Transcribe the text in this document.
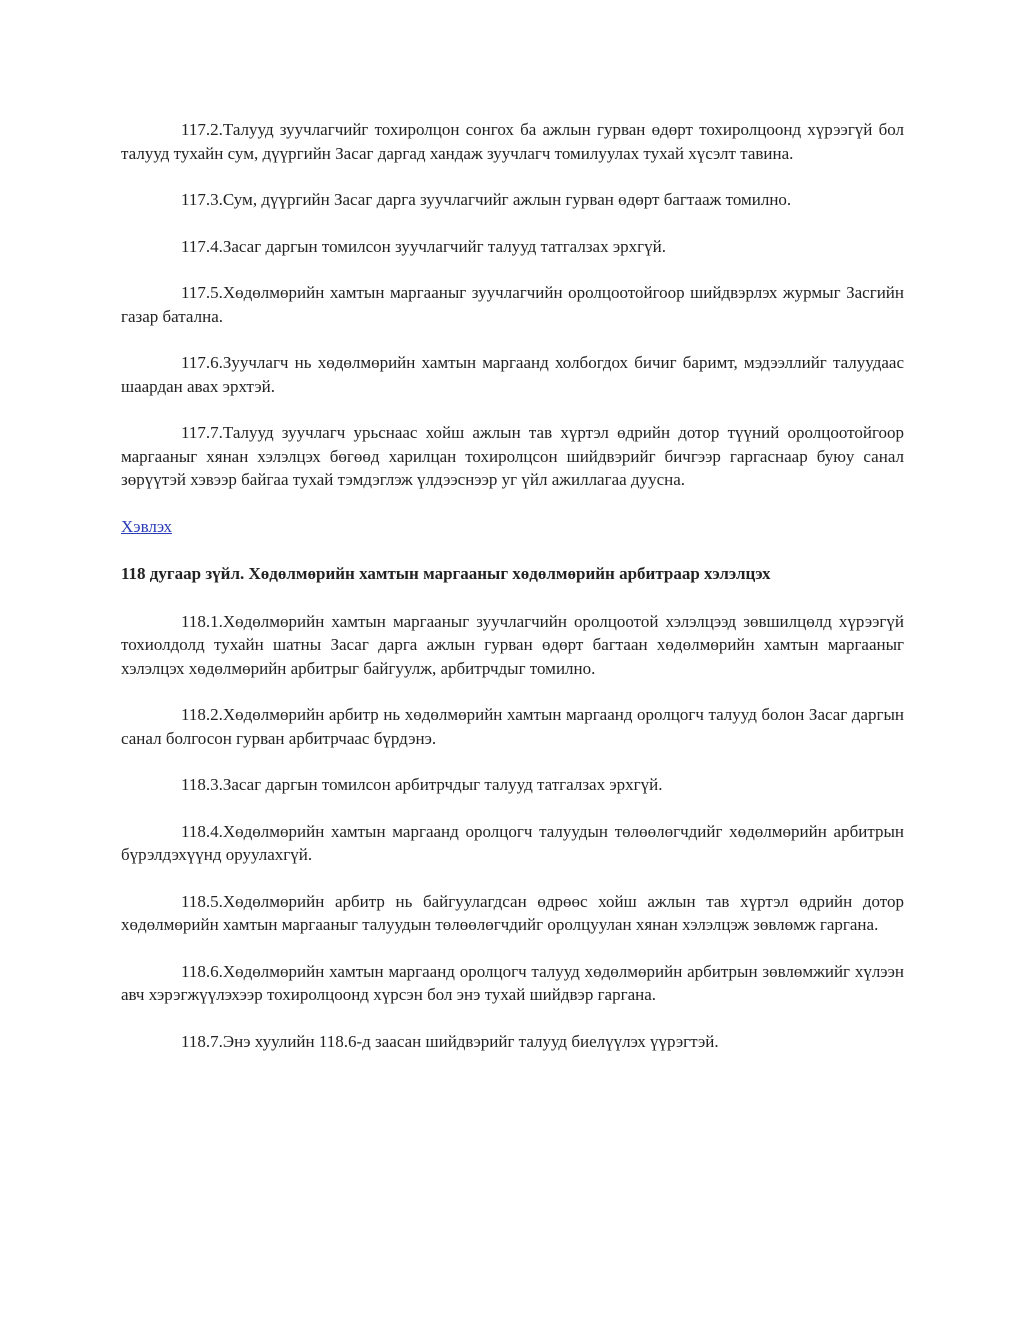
117.2.Талууд зуучлагчийг тохиролцон сонгох ба ажлын гурван өдөрт тохиролцоонд хүрээгүй бол талууд тухайн сум, дүүргийн Засаг даргад хандаж зуучлагч томилуулах тухай хүсэлт тавина.

117.3.Сум, дүүргийн Засаг дарга зуучлагчийг ажлын гурван өдөрт багтааж томилно.

117.4.Засаг даргын томилсон зуучлагчийг талууд татгалзах эрхгүй.

117.5.Хөдөлмөрийн хамтын маргааныг зуучлагчийн оролцоотойгоор шийдвэрлэх журмыг Засгийн газар батална.

117.6.Зуучлагч нь хөдөлмөрийн хамтын маргаанд холбогдох бичиг баримт, мэдээллийг талуудаас шаардан авах эрхтэй.

117.7.Талууд зуучлагч урьснаас хойш ажлын тав хүртэл өдрийн дотор түүний оролцоотойгоор маргааныг хянан хэлэлцэх бөгөөд харилцан тохиролцсон шийдвэрийг бичгээр гаргаснаар буюу санал зөрүүтэй хэвээр байгаа тухай тэмдэглэж үлдээснээр уг үйл ажиллагаа дуусна.

Хэвлэх

118 дугаар зүйл. Хөдөлмөрийн хамтын маргааныг хөдөлмөрийн арбитраар хэлэлцэх

118.1.Хөдөлмөрийн хамтын маргааныг зуучлагчийн оролцоотой хэлэлцээд зөвшилцөлд хүрээгүй тохиолдолд тухайн шатны Засаг дарга ажлын гурван өдөрт багтаан хөдөлмөрийн хамтын маргааныг хэлэлцэх хөдөлмөрийн арбитрыг байгуулж, арбитрчдыг томилно.

118.2.Хөдөлмөрийн арбитр нь хөдөлмөрийн хамтын маргаанд оролцогч талууд болон Засаг даргын санал болгосон гурван арбитрчаас бүрдэнэ.

118.3.Засаг даргын томилсон арбитрчдыг талууд татгалзах эрхгүй.

118.4.Хөдөлмөрийн хамтын маргаанд оролцогч талуудын төлөөлөгчдийг хөдөлмөрийн арбитрын бүрэлдэхүүнд оруулахгүй.

118.5.Хөдөлмөрийн арбитр нь байгуулагдсан өдрөөс хойш ажлын тав хүртэл өдрийн дотор хөдөлмөрийн хамтын маргааныг талуудын төлөөлөгчдийг оролцуулан хянан хэлэлцэж зөвлөмж гаргана.

118.6.Хөдөлмөрийн хамтын маргаанд оролцогч талууд хөдөлмөрийн арбитрын зөвлөмжийг хүлээн авч хэрэгжүүлэхээр тохиролцоонд хүрсэн бол энэ тухай шийдвэр гаргана.

118.7.Энэ хуулийн 118.6-д заасан шийдвэрийг талууд биелүүлэх үүрэгтэй.
